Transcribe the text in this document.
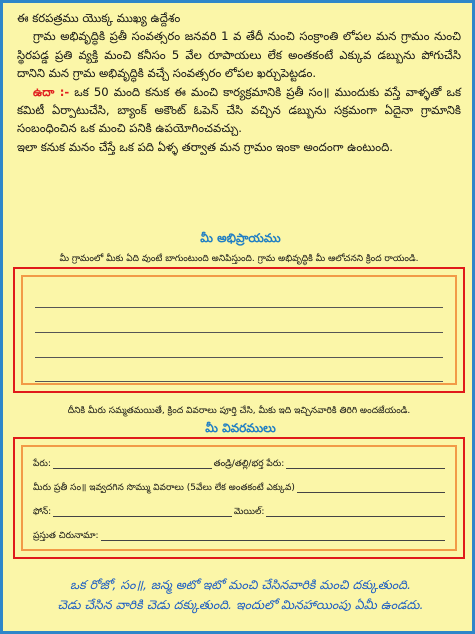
ఈ కరపత్రము యొక్క ముఖ్య ఉద్దేశం

గ్రామ అభివృద్ధికి ప్రతీ సంవత్సరం జనవరి 1 వ తేదీ నుంచి సంక్రాంతి లోపల మన గ్రామం నుంచి స్థిరపడ్డ ప్రతి వ్యక్తి మంచి కనీసం 5 వేల రూపాయలు లేక అంతకంటే ఎక్కువ డబ్బును పోగుచేసి దానిని మన గ్రామ అభివృద్ధికి వచ్చే సంవత్సరం లోపల ఖర్చుపెట్టడం.

ఉదా :- ఒక 50 మంది కనుక ఈ మంచి కార్యక్రమానికి ప్రతీ సం॥ ముందుకు వస్తే వాళ్ళతో ఒక కమిటీ ఏర్పాటుచేసి, బ్యాంక్ అకౌంట్ ఓపెన్ చేసి వచ్చిన డబ్బును సక్రమంగా ఏదైనా గ్రామానికి సంబంధించిన ఒక మంచి పనికి ఉపయోగించవచ్చు.

ఇలా కనుక మనం చేస్తే ఒక పది ఏళ్ళ తర్వాత మన గ్రామం ఇంకా అందంగా ఉంటుంది.

మీ అభిప్రాయము
మీ గ్రామంలో మీకు ఏది వుంటే బాగుంటుంది అనిపిస్తుంది. గ్రామ అభివృద్ధికి మీ ఆలోచనని క్రింద రాయండి.
దీనికి మీరు సమ్మతమయితే, క్రింద వివరాలు పూర్తి చేసి, మీకు ఇది ఇచ్చినవారికి తిరిగి అందజేయండి.
మీ వివరములు
పేరు:	తండ్రి/తల్లి/భర్త పేరు:
మీరు ప్రతీ సం॥ ఇవ్వదగిన సొమ్ము వివరాలు (5వేలు లేక అంతకంటే ఎక్కువ)
ఫోన్:	మెయిల్:
ప్రస్తుత చిరునామా:
ఒక రోజో, సం॥, జన్మ అటో ఇటో మంచి చేసినవారికి మంచి దక్కుతుంది.
చెడు చేసిన వారికి చెడు దక్కుతుంది. ఇందులో మినహాయింపు ఏమీ ఉండదు.
